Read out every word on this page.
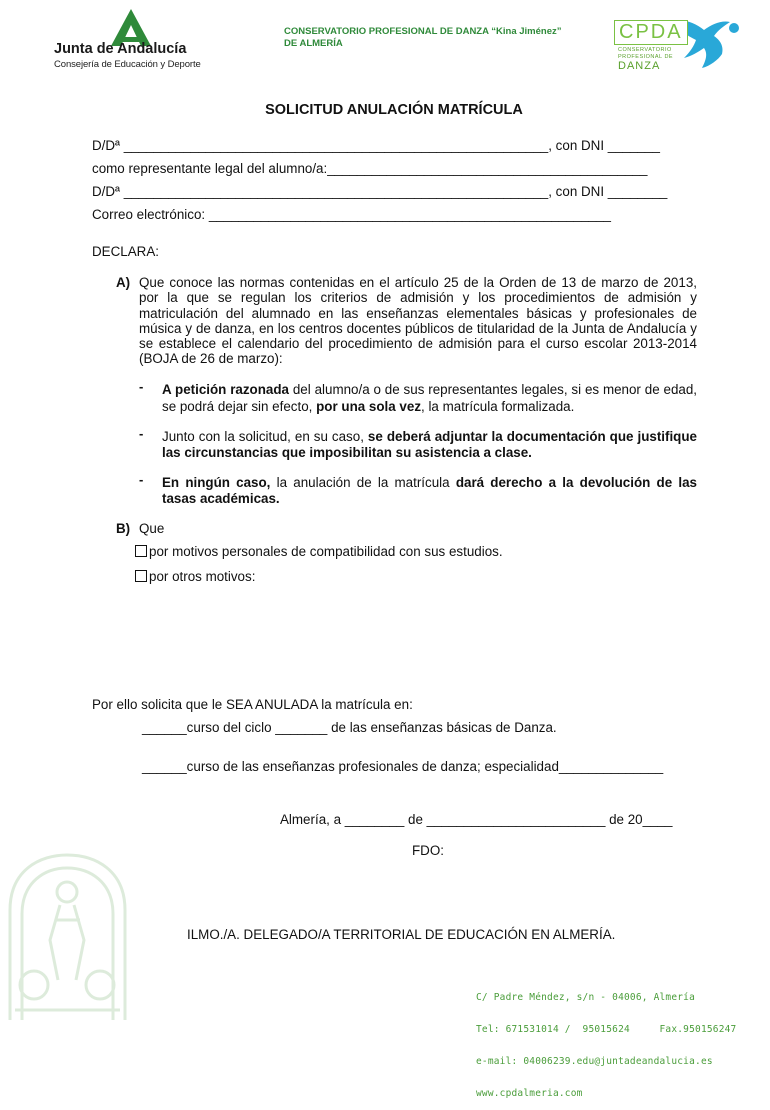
Junta de Andalucía
Consejería de Educación y Deporte
CONSERVATORIO PROFESIONAL DE DANZA “Kina Jiménez”
DE ALMERÍA	CPDA
CONSERVATORIO
PROFESIONAL DE
DANZA
SOLICITUD ANULACIÓN MATRÍCULA
D/Dª _________________________________________________________, con DNI _______
como representante legal del alumno/a:___________________________________________
D/Dª _________________________________________________________, con DNI ________
Correo electrónico: ______________________________________________________
DECLARA:
A) Que conoce las normas contenidas en el artículo 25 de la Orden de 13 de marzo de 2013, por la que se regulan los criterios de admisión y los procedimientos de admisión y matriculación del alumnado en las enseñanzas elementales básicas y profesionales de música y de danza, en los centros docentes públicos de titularidad de la Junta de Andalucía y se establece el calendario del procedimiento de admisión para el curso escolar 2013-2014 (BOJA de 26 de marzo):
- A petición razonada del alumno/a o de sus representantes legales, si es menor de edad, se podrá dejar sin efecto, por una sola vez, la matrícula formalizada.
- Junto con la solicitud, en su caso, se deberá adjuntar la documentación que justifique las circunstancias que imposibilitan su asistencia a clase.
- En ningún caso, la anulación de la matrícula dará derecho a la devolución de las tasas académicas.
B) Que
por motivos personales de compatibilidad con sus estudios.
por otros motivos:
Por ello solicita que le SEA ANULADA la matrícula en:
______curso del ciclo _______ de las enseñanzas básicas de Danza.
______curso de las enseñanzas profesionales de danza; especialidad______________
Almería, a ________ de ________________________ de 20____
FDO:
ILMO./A. DELEGADO/A TERRITORIAL DE EDUCACIÓN EN ALMERÍA.

C/ Padre Méndez, s/n - 04006, Almería

Tel: 671531014 /  95015624     Fax.950156247

e-mail: 04006239.edu@juntadeandalucia.es

www.cpdalmeria.com
